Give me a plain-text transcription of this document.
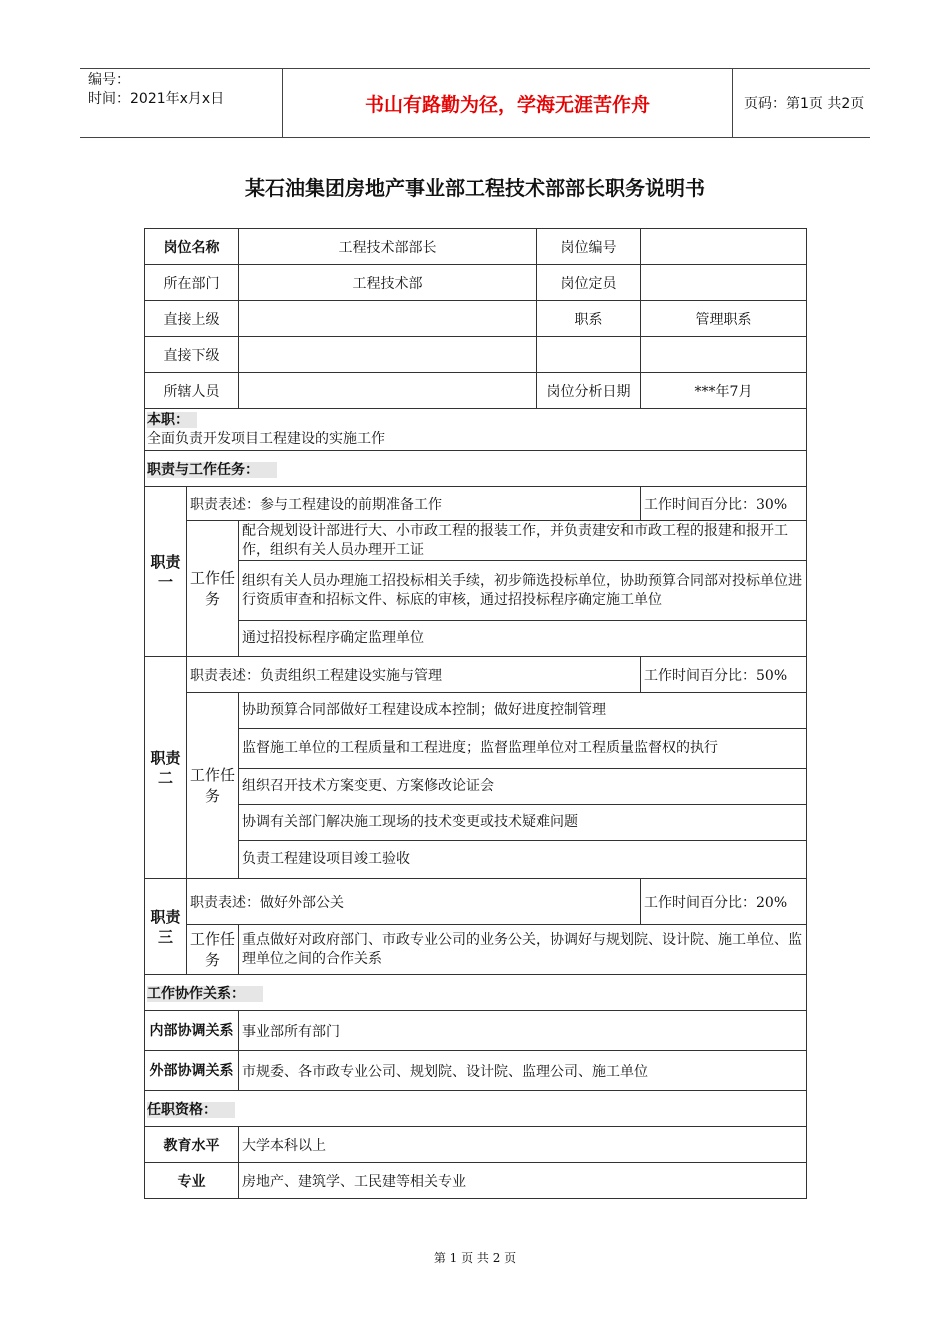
编号：
时间：2021年x月x日	书山有路勤为径，学海无涯苦作舟	页码：第1页 共2页
某石油集团房地产事业部工程技术部部长职务说明书
岗位名称		工程技术部部长	岗位编号	
所在部门		工程技术部	岗位定员	
直接上级			职系	管理职系
直接下级				
所辖人员			岗位分析日期	***年7月

本职：
全面负责开发项目工程建设的实施工作				

职责与工作任务：				
职责一	职责表述：参与工程建设的前期准备工作			工作时间百分比：30%
	工作任务	配合规划设计部进行大、小市政工程的报装工作，并负责建安和市政工程的报建和报开工作，组织有关人员办理开工证		
		组织有关人员办理施工招投标相关手续，初步筛选投标单位，协助预算合同部对投标单位进行资质审查和招标文件、标底的审核，通过招投标程序确定施工单位		
		通过招投标程序确定监理单位		
职责二	职责表述：负责组织工程建设实施与管理			工作时间百分比：50%
	工作任务	协助预算合同部做好工程建设成本控制；做好进度控制管理		
		监督施工单位的工程质量和工程进度；监督监理单位对工程质量监督权的执行		
		组织召开技术方案变更、方案修改论证会		
		协调有关部门解决施工现场的技术变更或技术疑难问题		
		负责工程建设项目竣工验收		
职责三	职责表述：做好外部公关			工作时间百分比：20%
	工作任务	重点做好对政府部门、市政专业公司的业务公关，协调好与规划院、设计院、施工单位、监理单位之间的合作关系		
工作协作关系：				
内部协调关系		事业部所有部门		
外部协调关系		市规委、各市政专业公司、规划院、设计院、监理公司、施工单位		
任职资格：				
教育水平		大学本科以上		
专业		房地产、建筑学、工民建等相关专业		
第 1 页 共 2 页
